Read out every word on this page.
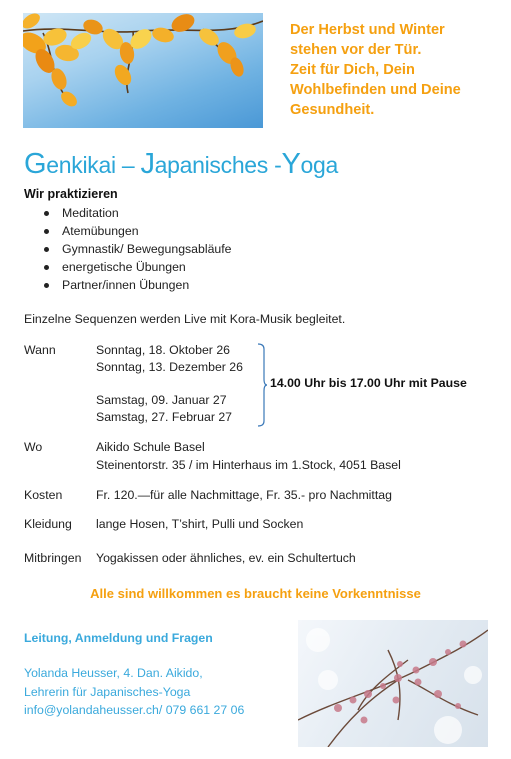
Der Herbst und Winter
stehen vor der Tür.
Zeit für Dich, Dein
Wohlbefinden und Deine
Gesundheit.
Genkikai – Japanisches -Yoga
Wir praktizieren
Meditation
Atemübungen
Gymnastik/ Bewegungsabläufe
energetische Übungen
Partner/innen Übungen
Einzelne Sequenzen werden Live mit Kora-Musik begleitet.
Wann	Sonntag, 18. Oktober 26
Sonntag, 13. Dezember 26
Samstag, 09. Januar 27
Samstag, 27. Februar 27
14.00 Uhr bis 17.00 Uhr mit Pause
Wo	Aikido Schule Basel
Steinentorstr. 35 / im Hinterhaus im 1.Stock, 4051 Basel
Kosten	Fr. 120.—für alle Nachmittage, Fr. 35.- pro Nachmittag
Kleidung lange Hosen, T’shirt, Pulli und Socken
Mitbringen Yogakissen oder ähnliches, ev. ein Schultertuch
Alle sind willkommen es braucht keine Vorkenntnisse
Leitung, Anmeldung und Fragen
Yolanda Heusser, 4. Dan. Aikido,
Lehrerin für Japanisches-Yoga
info@yolandaheusser.ch/ 079 661 27 06
